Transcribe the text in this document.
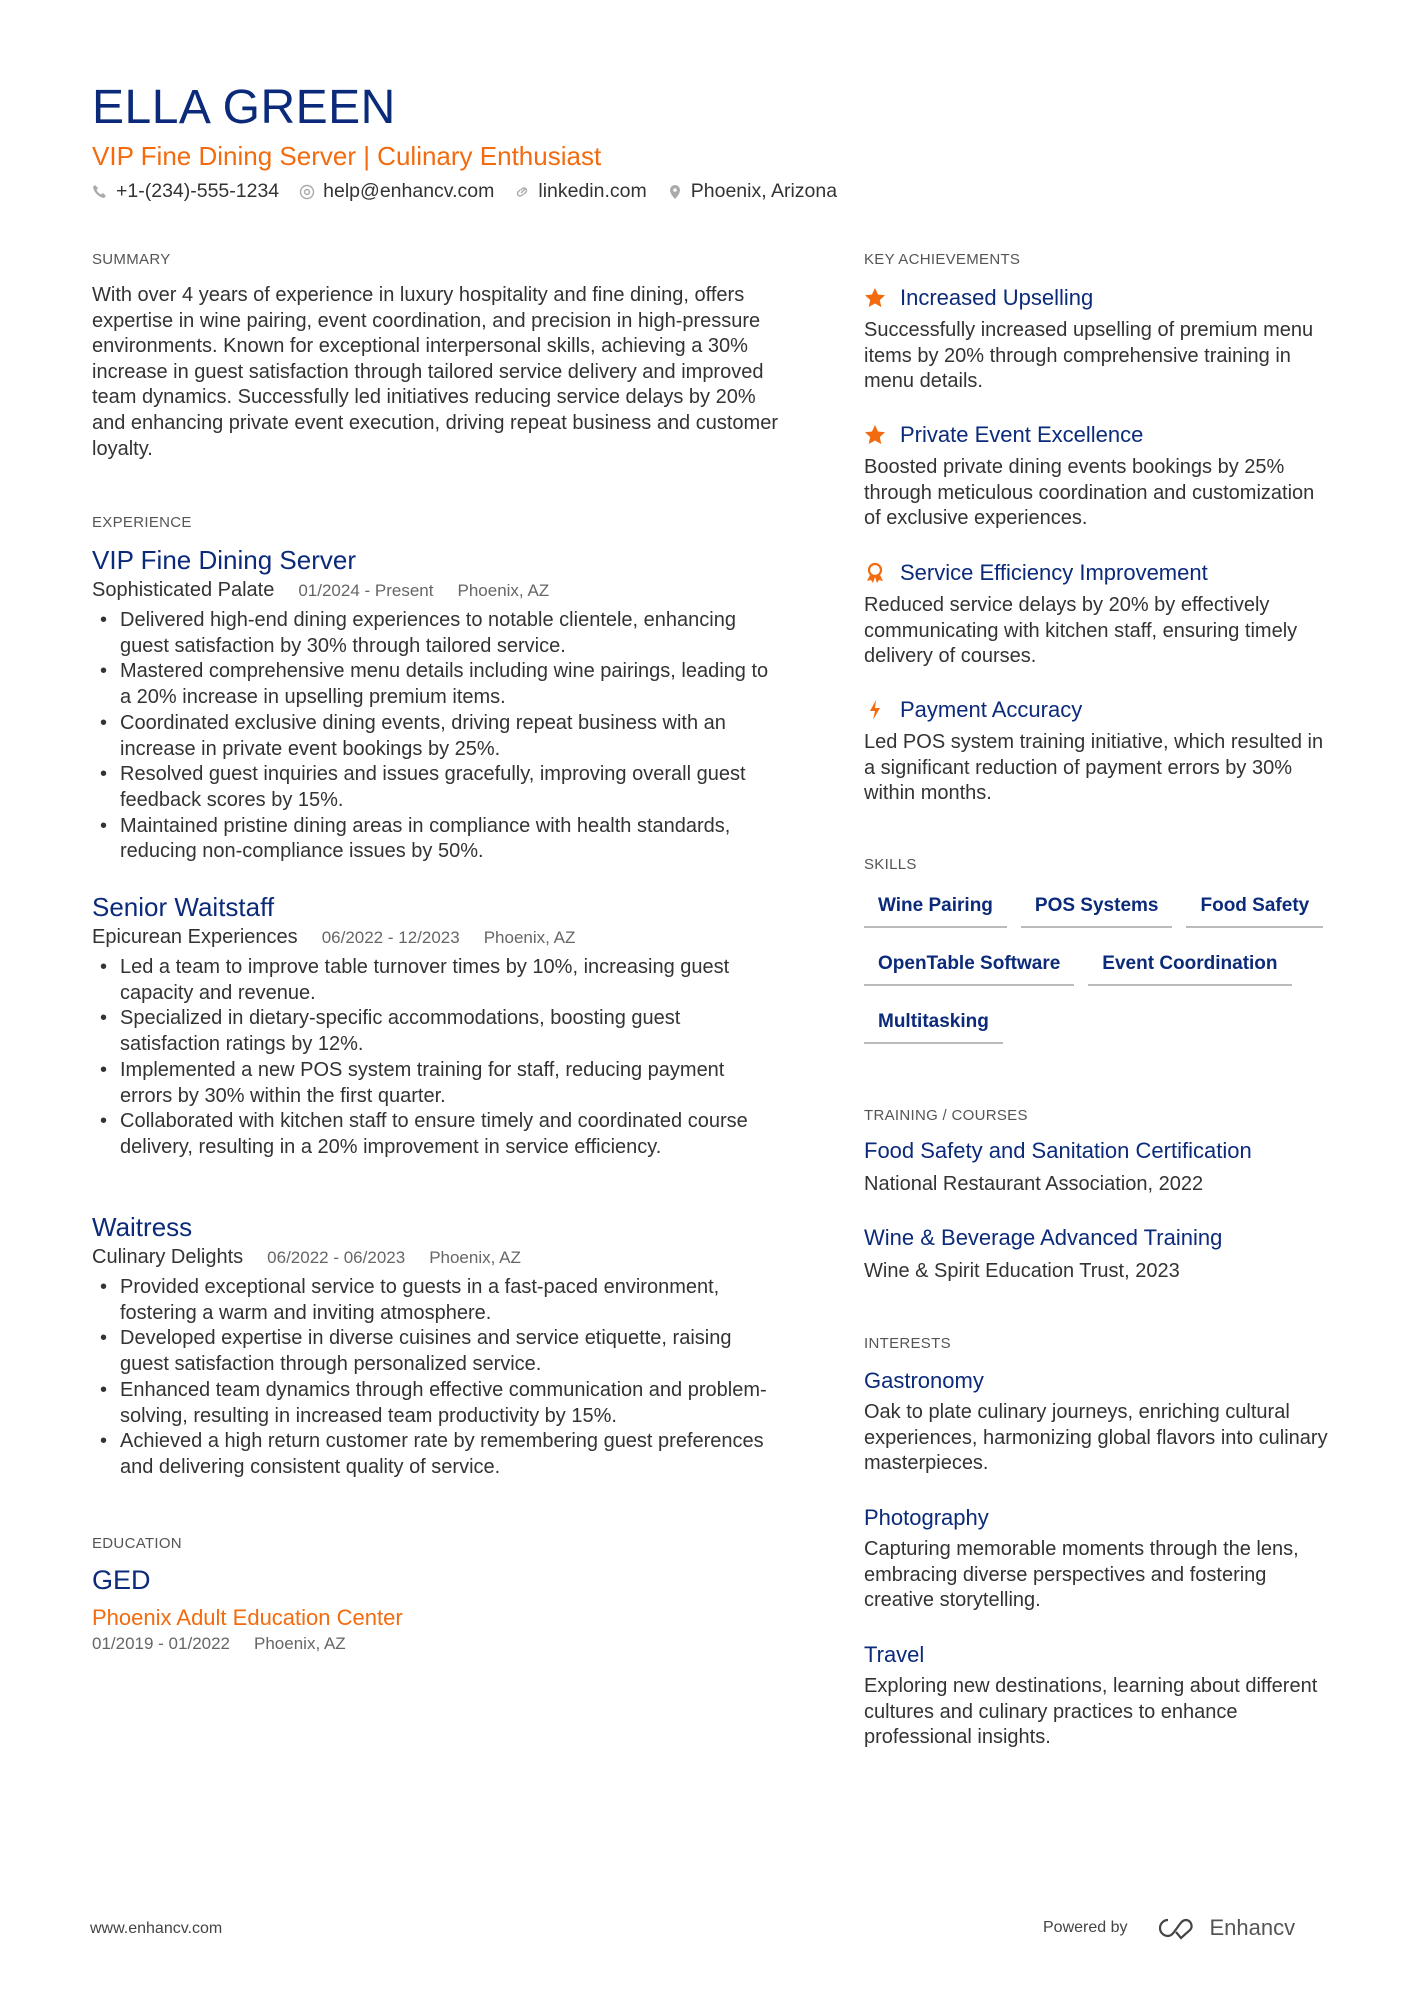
ELLA GREEN
VIP Fine Dining Server | Culinary Enthusiast
+1-(234)-555-1234 help@enhancv.com linkedin.com Phoenix, Arizona
SUMMARY
With over 4 years of experience in luxury hospitality and fine dining, offers expertise in wine pairing, event coordination, and precision in high-pressure environments. Known for exceptional interpersonal skills, achieving a 30% increase in guest satisfaction through tailored service delivery and improved team dynamics. Successfully led initiatives reducing service delays by 20% and enhancing private event execution, driving repeat business and customer loyalty.
EXPERIENCE
VIP Fine Dining Server
Sophisticated Palate 01/2024 - Present Phoenix, AZ
• Delivered high-end dining experiences to notable clientele, enhancing guest satisfaction by 30% through tailored service.
• Mastered comprehensive menu details including wine pairings, leading to a 20% increase in upselling premium items.
• Coordinated exclusive dining events, driving repeat business with an increase in private event bookings by 25%.
• Resolved guest inquiries and issues gracefully, improving overall guest feedback scores by 15%.
• Maintained pristine dining areas in compliance with health standards, reducing non-compliance issues by 50%.
Senior Waitstaff
Epicurean Experiences 06/2022 - 12/2023 Phoenix, AZ
• Led a team to improve table turnover times by 10%, increasing guest capacity and revenue.
• Specialized in dietary-specific accommodations, boosting guest satisfaction ratings by 12%.
• Implemented a new POS system training for staff, reducing payment errors by 30% within the first quarter.
• Collaborated with kitchen staff to ensure timely and coordinated course delivery, resulting in a 20% improvement in service efficiency.
Waitress
Culinary Delights 06/2022 - 06/2023 Phoenix, AZ
• Provided exceptional service to guests in a fast-paced environment, fostering a warm and inviting atmosphere.
• Developed expertise in diverse cuisines and service etiquette, raising guest satisfaction through personalized service.
• Enhanced team dynamics through effective communication and problem-solving, resulting in increased team productivity by 15%.
• Achieved a high return customer rate by remembering guest preferences and delivering consistent quality of service.
EDUCATION
GED
Phoenix Adult Education Center
01/2019 - 01/2022 Phoenix, AZ
KEY ACHIEVEMENTS
Increased Upselling
Successfully increased upselling of premium menu items by 20% through comprehensive training in menu details.
Private Event Excellence
Boosted private dining events bookings by 25% through meticulous coordination and customization of exclusive experiences.
Service Efficiency Improvement
Reduced service delays by 20% by effectively communicating with kitchen staff, ensuring timely delivery of courses.
Payment Accuracy
Led POS system training initiative, which resulted in a significant reduction of payment errors by 30% within months.
SKILLS
Wine Pairing	POS Systems	Food Safety
OpenTable Software	Event Coordination
Multitasking
TRAINING / COURSES
Food Safety and Sanitation Certification
National Restaurant Association, 2022
Wine & Beverage Advanced Training
Wine & Spirit Education Trust, 2023
INTERESTS
Gastronomy
Oak to plate culinary journeys, enriching cultural experiences, harmonizing global flavors into culinary masterpieces.
Photography
Capturing memorable moments through the lens, embracing diverse perspectives and fostering creative storytelling.
Travel
Exploring new destinations, learning about different cultures and culinary practices to enhance professional insights.
www.enhancv.com	Powered by	Enhancv
